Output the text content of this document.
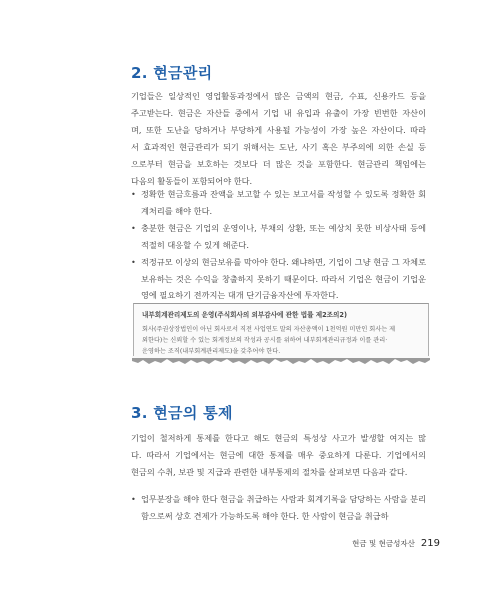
2. 현금관리
기업들은 일상적인 영업활동과정에서 많은 금액의 현금, 수표, 신용카드 등을
주고받는다. 현금은 자산들 중에서 기업 내 유입과 유출이 가장 빈번한 자산이
며, 또한 도난을 당하거나 부당하게 사용될 가능성이 가장 높은 자산이다. 따라
서 효과적인 현금관리가 되기 위해서는 도난, 사기 혹은 부주의에 의한 손실 등
으로부터 현금을 보호하는 것보다 더 많은 것을 포함한다. 현금관리 책임에는
다음의 활동들이 포함되어야 한다.
• 정확한 현금흐름과 잔액을 보고할 수 있는 보고서를 작성할 수 있도록 정확한 회계처리를 해야 한다.
• 충분한 현금은 기업의 운영이나, 부채의 상환, 또는 예상치 못한 비상사태 등에 적절히 대응할 수 있게 해준다.
• 적정규모 이상의 현금보유를 막아야 한다. 왜냐하면, 기업이 그냥 현금 그 자체로 보유하는 것은 수익을 창출하지 못하기 때문이다. 따라서 기업은 현금이 기업운영에 필요하기 전까지는 대개 단기금융자산에 투자한다.

내부회계관리제도의 운영(주식회사의 외부감사에 관한 법률 제2조의2)

회사(주권상장법인이 아닌 회사로서 직전 사업연도 말의 자산총액이 1천억원 미만인 회사는 제
외한다)는 신뢰할 수 있는 회계정보의 작성과 공시를 위하여 내부회계관리규정과 이를 관리·
운영하는 조직(내부회계관리제도)을 갖추어야 한다.

3. 현금의 통제
기업이 철저하게 통제를 한다고 해도 현금의 특성상 사고가 발생할 여지는 많
다. 따라서 기업에서는 현금에 대한 통제를 매우 중요하게 다룬다. 기업에서의
현금의 수취, 보관 및 지급과 관련한 내부통제의 절차를 살펴보면 다음과 같다.
• 업무분장을 해야 한다 현금을 취급하는 사람과 회계기록을 담당하는 사람을 분리함으로써 상호 견제가 가능하도록 해야 한다. 한 사람이 현금을 취급하
현금 및 현금성자산 219
